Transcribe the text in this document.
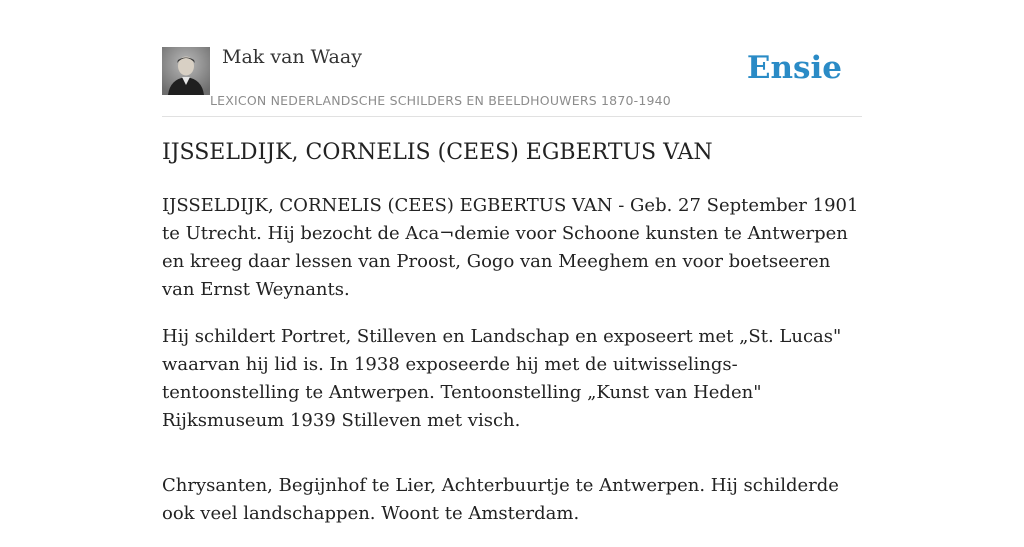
Mak van Waay
LEXICON NEDERLANDSCHE SCHILDERS EN BEELDHOUWERS 1870-1940
Ensie
IJSSELDIJK, CORNELIS (CEES) EGBERTUS VAN

IJSSELDIJK, CORNELIS (CEES) EGBERTUS VAN - Geb. 27 September 1901 te Utrecht. Hij bezocht de Aca¬demie voor Schoone kunsten te Antwerpen en kreeg daar lessen van Proost, Gogo van Meeghem en voor boetseeren van Ernst Weynants.

Hij schildert Portret, Stilleven en Landschap en exposeert met „St. Lucas" waarvan hij lid is. In 1938 exposeerde hij met de uitwisselings-tentoonstelling te Antwerpen. Tentoonstelling „Kunst van Heden" Rijksmuseum 1939 Stilleven met visch.

Chrysanten, Begijnhof te Lier, Achterbuurtje te Antwerpen. Hij schilderde ook veel landschappen. Woont te Amsterdam.
